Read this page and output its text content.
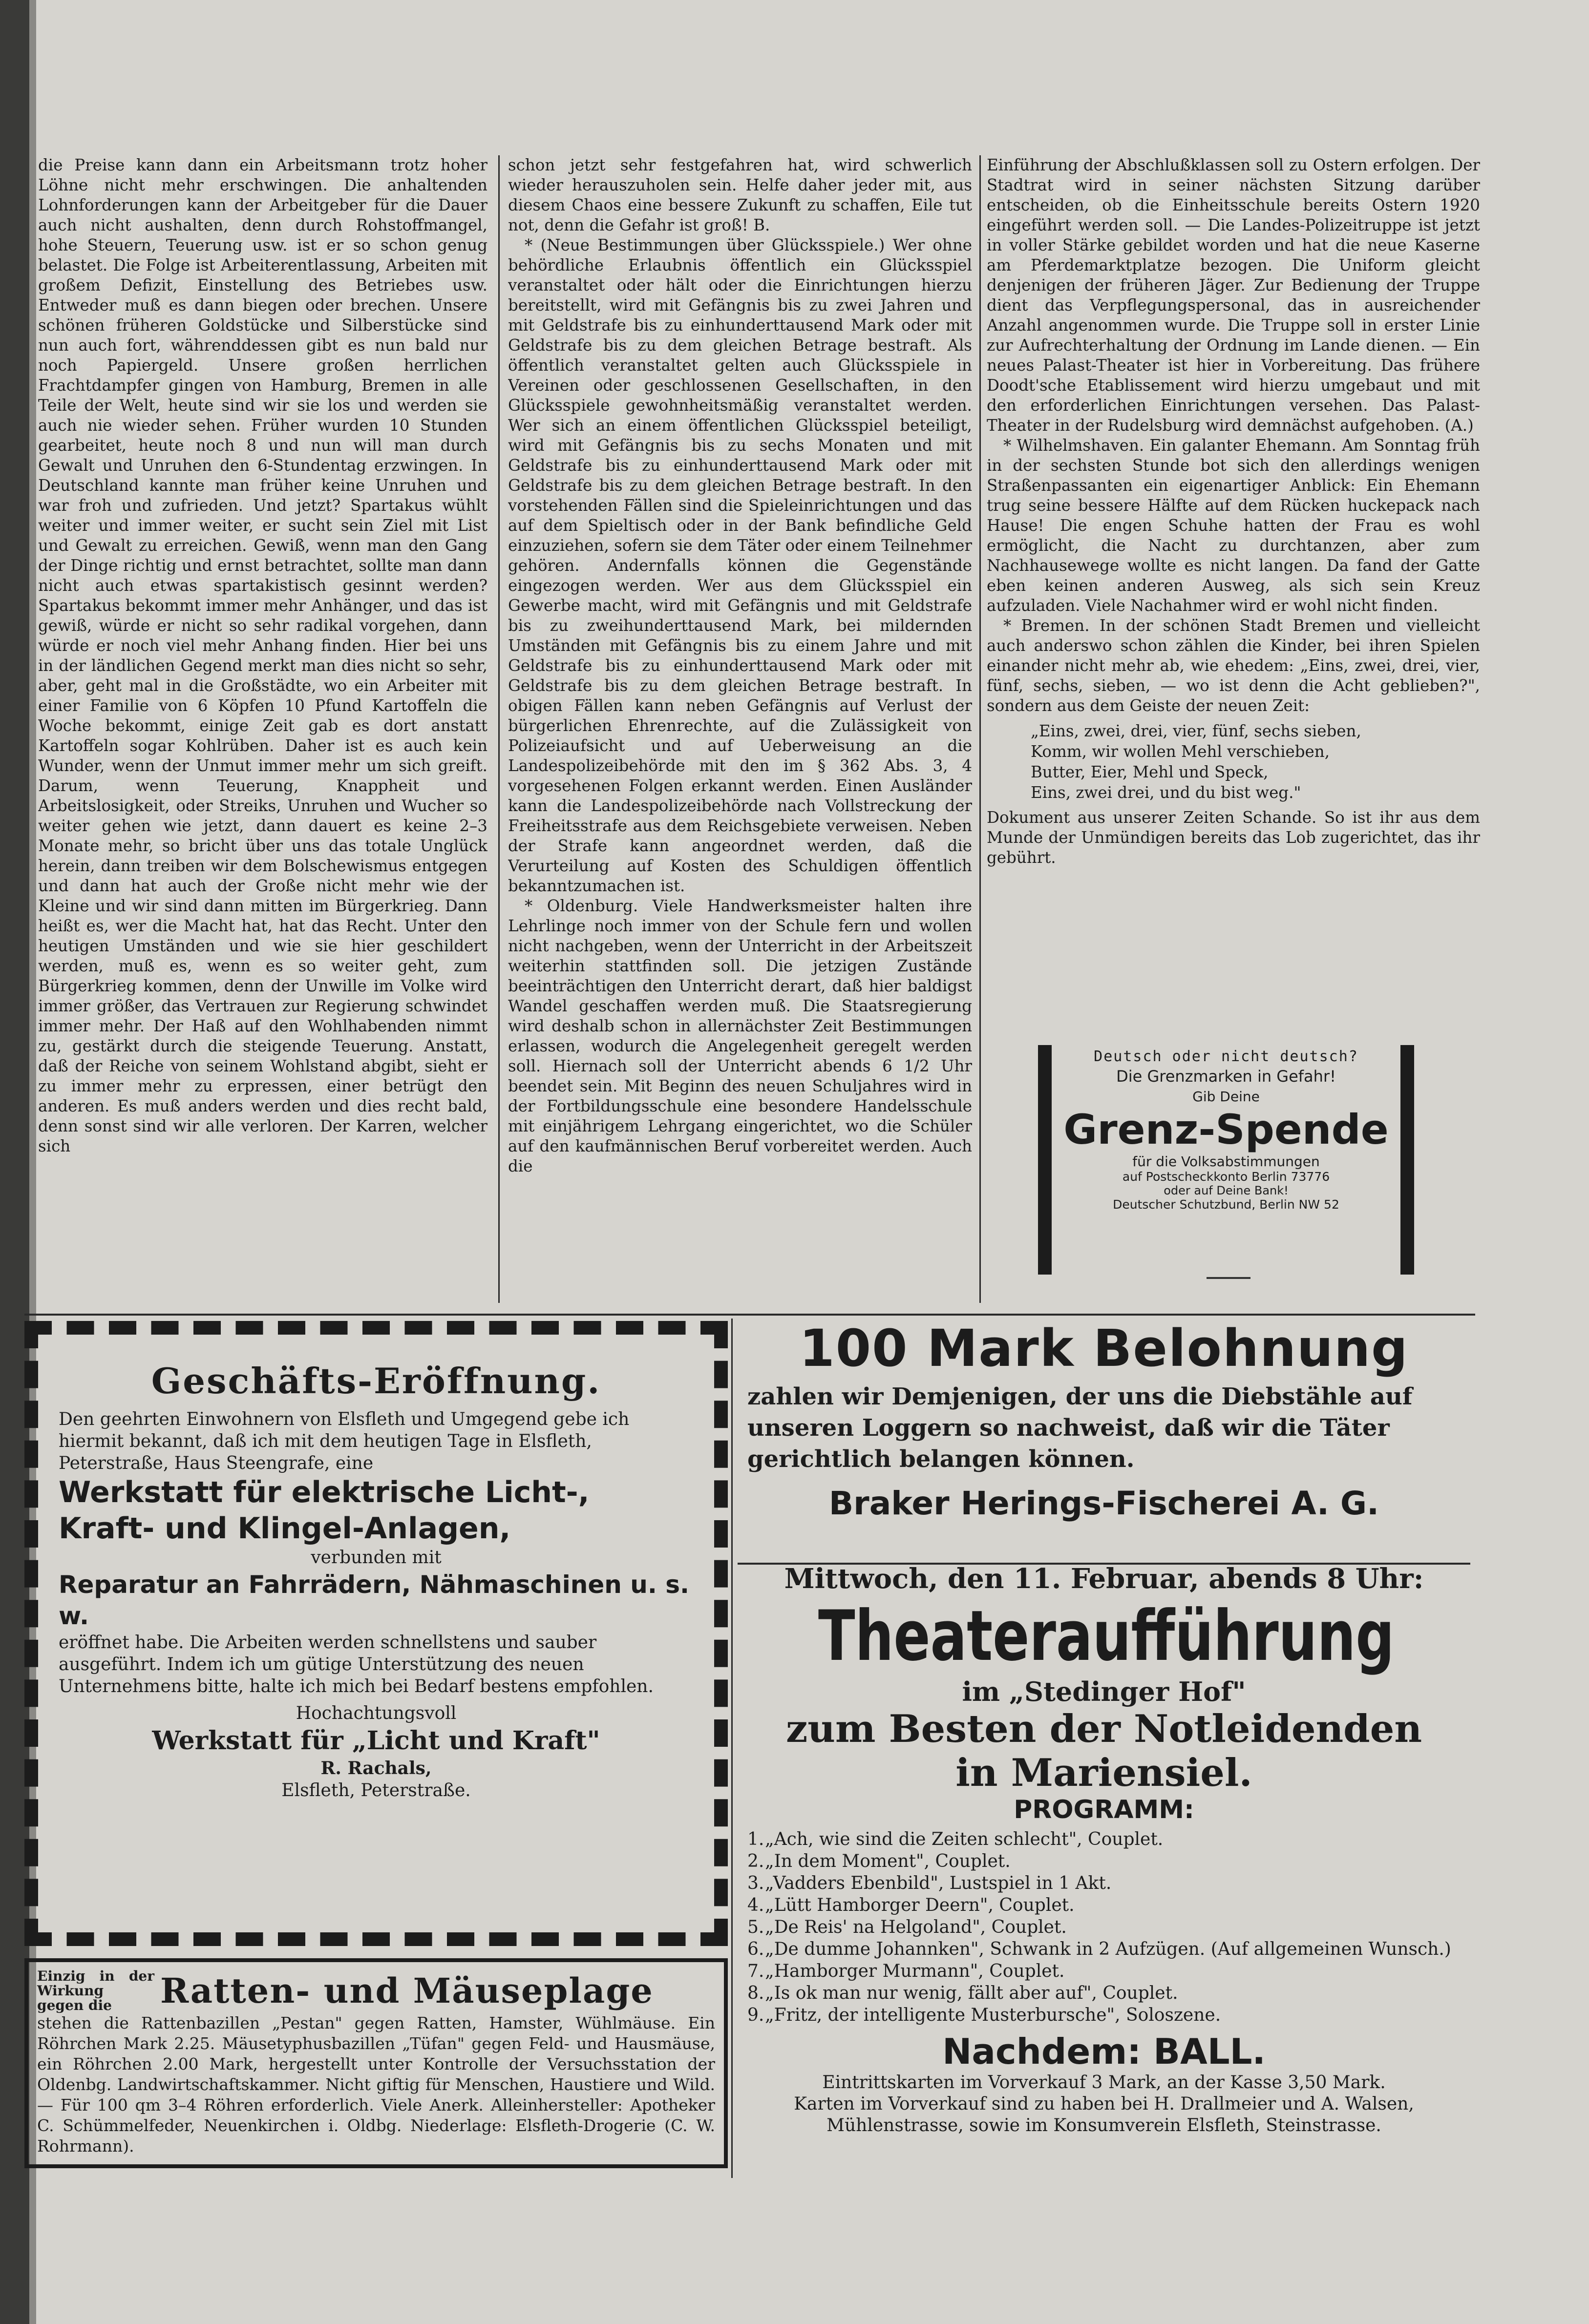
die Preise kann dann ein Arbeitsmann trotz hoher Löhne nicht mehr erschwingen. Die anhaltenden Lohnforderungen kann der Arbeitgeber für die Dauer auch nicht aushalten, denn durch Rohstoffmangel, hohe Steuern, Teuerung usw. ist er so schon genug belastet. Die Folge ist Arbeiterentlassung, Arbeiten mit großem Defizit, Einstellung des Betriebes usw. Entweder muß es dann biegen oder brechen. Unsere schönen früheren Goldstücke und Silberstücke sind nun auch fort, währenddessen gibt es nun bald nur noch Papiergeld. Unsere großen herrlichen Frachtdampfer gingen von Hamburg, Bremen in alle Teile der Welt, heute sind wir sie los und werden sie auch nie wieder sehen. Früher wurden 10 Stunden gearbeitet, heute noch 8 und nun will man durch Gewalt und Unruhen den 6-Stundentag erzwingen. In Deutschland kannte man früher keine Unruhen und war froh und zufrieden. Und jetzt? Spartakus wühlt weiter und immer weiter, er sucht sein Ziel mit List und Gewalt zu erreichen. Gewiß, wenn man den Gang der Dinge richtig und ernst betrachtet, sollte man dann nicht auch etwas spartakistisch gesinnt werden? Spartakus bekommt immer mehr Anhänger, und das ist gewiß, würde er nicht so sehr radikal vorgehen, dann würde er noch viel mehr Anhang finden. Hier bei uns in der ländlichen Gegend merkt man dies nicht so sehr, aber, geht mal in die Großstädte, wo ein Arbeiter mit einer Familie von 6 Köpfen 10 Pfund Kartoffeln die Woche bekommt, einige Zeit gab es dort anstatt Kartoffeln sogar Kohlrüben. Daher ist es auch kein Wunder, wenn der Unmut immer mehr um sich greift. Darum, wenn Teuerung, Knappheit und Arbeitslosigkeit, oder Streiks, Unruhen und Wucher so weiter gehen wie jetzt, dann dauert es keine 2–3 Monate mehr, so bricht über uns das totale Unglück herein, dann treiben wir dem Bolschewismus entgegen und dann hat auch der Große nicht mehr wie der Kleine und wir sind dann mitten im Bürgerkrieg. Dann heißt es, wer die Macht hat, hat das Recht. Unter den heutigen Umständen und wie sie hier geschildert werden, muß es, wenn es so weiter geht, zum Bürgerkrieg kommen, denn der Unwille im Volke wird immer größer, das Vertrauen zur Regierung schwindet immer mehr. Der Haß auf den Wohlhabenden nimmt zu, gestärkt durch die steigende Teuerung. Anstatt, daß der Reiche von seinem Wohlstand abgibt, sieht er zu immer mehr zu erpressen, einer betrügt den anderen. Es muß anders werden und dies recht bald, denn sonst sind wir alle verloren. Der Karren, welcher sich

schon jetzt sehr festgefahren hat, wird schwerlich wieder herauszuholen sein. Helfe daher jeder mit, aus diesem Chaos eine bessere Zukunft zu schaffen, Eile tut not, denn die Gefahr ist groß! B.

* (Neue Bestimmungen über Glücksspiele.) Wer ohne behördliche Erlaubnis öffentlich ein Glücksspiel veranstaltet oder hält oder die Einrichtungen hierzu bereitstellt, wird mit Gefängnis bis zu zwei Jahren und mit Geldstrafe bis zu einhunderttausend Mark oder mit Geldstrafe bis zu dem gleichen Betrage bestraft. Als öffentlich veranstaltet gelten auch Glücksspiele in Vereinen oder geschlossenen Gesellschaften, in den Glücksspiele gewohnheitsmäßig veranstaltet werden. Wer sich an einem öffentlichen Glücksspiel beteiligt, wird mit Gefängnis bis zu sechs Monaten und mit Geldstrafe bis zu einhunderttausend Mark oder mit Geldstrafe bis zu dem gleichen Betrage bestraft. In den vorstehenden Fällen sind die Spieleinrichtungen und das auf dem Spieltisch oder in der Bank befindliche Geld einzuziehen, sofern sie dem Täter oder einem Teilnehmer gehören. Andernfalls können die Gegenstände eingezogen werden. Wer aus dem Glücksspiel ein Gewerbe macht, wird mit Gefängnis und mit Geldstrafe bis zu zweihunderttausend Mark, bei mildernden Umständen mit Gefängnis bis zu einem Jahre und mit Geldstrafe bis zu einhunderttausend Mark oder mit Geldstrafe bis zu dem gleichen Betrage bestraft. In obigen Fällen kann neben Gefängnis auf Verlust der bürgerlichen Ehrenrechte, auf die Zulässigkeit von Polizeiaufsicht und auf Ueberweisung an die Landespolizeibehörde mit den im § 362 Abs. 3, 4 vorgesehenen Folgen erkannt werden. Einen Ausländer kann die Landespolizeibehörde nach Vollstreckung der Freiheitsstrafe aus dem Reichsgebiete verweisen. Neben der Strafe kann angeordnet werden, daß die Verurteilung auf Kosten des Schuldigen öffentlich bekanntzumachen ist.

* Oldenburg. Viele Handwerksmeister halten ihre Lehrlinge noch immer von der Schule fern und wollen nicht nachgeben, wenn der Unterricht in der Arbeitszeit weiterhin stattfinden soll. Die jetzigen Zustände beeinträchtigen den Unterricht derart, daß hier baldigst Wandel geschaffen werden muß. Die Staatsregierung wird deshalb schon in allernächster Zeit Bestimmungen erlassen, wodurch die Angelegenheit geregelt werden soll. Hiernach soll der Unterricht abends 6 1/2 Uhr beendet sein. Mit Beginn des neuen Schuljahres wird in der Fortbildungsschule eine besondere Handelsschule mit einjährigem Lehrgang eingerichtet, wo die Schüler auf den kaufmännischen Beruf vorbereitet werden. Auch die

Einführung der Abschlußklassen soll zu Ostern erfolgen. Der Stadtrat wird in seiner nächsten Sitzung darüber entscheiden, ob die Einheitsschule bereits Ostern 1920 eingeführt werden soll. — Die Landes-Polizeitruppe ist jetzt in voller Stärke gebildet worden und hat die neue Kaserne am Pferdemarktplatze bezogen. Die Uniform gleicht denjenigen der früheren Jäger. Zur Bedienung der Truppe dient das Verpflegungspersonal, das in ausreichender Anzahl angenommen wurde. Die Truppe soll in erster Linie zur Aufrechterhaltung der Ordnung im Lande dienen. — Ein neues Palast-Theater ist hier in Vorbereitung. Das frühere Doodt'sche Etablissement wird hierzu umgebaut und mit den erforderlichen Einrichtungen versehen. Das Palast-Theater in der Rudelsburg wird demnächst aufgehoben. (A.)

* Wilhelmshaven. Ein galanter Ehemann. Am Sonntag früh in der sechsten Stunde bot sich den allerdings wenigen Straßenpassanten ein eigenartiger Anblick: Ein Ehemann trug seine bessere Hälfte auf dem Rücken huckepack nach Hause! Die engen Schuhe hatten der Frau es wohl ermöglicht, die Nacht zu durchtanzen, aber zum Nachhausewege wollte es nicht langen. Da fand der Gatte eben keinen anderen Ausweg, als sich sein Kreuz aufzuladen. Viele Nachahmer wird er wohl nicht finden.

* Bremen. In der schönen Stadt Bremen und vielleicht auch anderswo schon zählen die Kinder, bei ihren Spielen einander nicht mehr ab, wie ehedem: „Eins, zwei, drei, vier, fünf, sechs, sieben, — wo ist denn die Acht geblieben?", sondern aus dem Geiste der neuen Zeit:

„Eins, zwei, drei, vier, fünf, sechs sieben,
Komm, wir wollen Mehl verschieben,
Butter, Eier, Mehl und Speck,
Eins, zwei drei, und du bist weg."

Dokument aus unserer Zeiten Schande. So ist ihr aus dem Munde der Unmündigen bereits das Lob zugerichtet, das ihr gebührt.

Deutsch oder nicht deutsch?
Die Grenzmarken in Gefahr!
Gib Deine
Grenz-Spende
für die Volksabstimmungen
auf Postscheckkonto Berlin 73776
oder auf Deine Bank!
Deutscher Schutzbund, Berlin NW 52
Geschäfts-Eröffnung.
Den geehrten Einwohnern von Elsfleth und Umgegend gebe ich hiermit bekannt, daß ich mit dem heutigen Tage in Elsfleth, Peterstraße, Haus Steengrafe, eine
Werkstatt für elektrische Licht-, Kraft- und Klingel-Anlagen,
verbunden mit
Reparatur an Fahrrädern, Nähmaschinen u. s. w.
eröffnet habe. Die Arbeiten werden schnellstens und sauber ausgeführt. Indem ich um gütige Unterstützung des neuen Unternehmens bitte, halte ich mich bei Bedarf bestens empfohlen.
Hochachtungsvoll
Werkstatt für „Licht und Kraft"
R. Rachals,
Elsfleth, Peterstraße.
Einzig in der Wirkung gegen die Ratten- und Mäuseplage
stehen die Rattenbazillen „Pestan" gegen Ratten, Hamster, Wühlmäuse. Ein Röhrchen Mark 2.25. Mäusetyphusbazillen „Tüfan" gegen Feld- und Hausmäuse, ein Röhrchen 2.00 Mark, hergestellt unter Kontrolle der Versuchsstation der Oldenbg. Landwirtschaftskammer. Nicht giftig für Menschen, Haustiere und Wild. — Für 100 qm 3–4 Röhren erforderlich. Viele Anerk. Alleinhersteller: Apotheker C. Schümmelfeder, Neuenkirchen i. Oldbg. Niederlage: Elsfleth-Drogerie (C. W. Rohrmann).
100 Mark Belohnung
zahlen wir Demjenigen, der uns die Diebstähle auf unseren Loggern so nachweist, daß wir die Täter gerichtlich belangen können.
Braker Herings-Fischerei A. G.
Mittwoch, den 11. Februar, abends 8 Uhr:
Theateraufführung
im „Stedinger Hof"
zum Besten der Notleidenden
in Mariensiel.
PROGRAMM:
1.„Ach, wie sind die Zeiten schlecht", Couplet.
2.„In dem Moment", Couplet.
3.„Vadders Ebenbild", Lustspiel in 1 Akt.
4.„Lütt Hamborger Deern", Couplet.
5.„De Reis' na Helgoland", Couplet.
6.„De dumme Johannken", Schwank in 2 Aufzügen. (Auf allgemeinen Wunsch.)
7.„Hamborger Murmann", Couplet.
8.„Is ok man nur wenig, fällt aber auf", Couplet.
9.„Fritz, der intelligente Musterbursche", Soloszene.
Nachdem: BALL.
Eintrittskarten im Vorverkauf 3 Mark, an der Kasse 3,50 Mark.
Karten im Vorverkauf sind zu haben bei H. Drallmeier und A. Walsen, Mühlenstrasse, sowie im Konsumverein Elsfleth, Steinstrasse.
